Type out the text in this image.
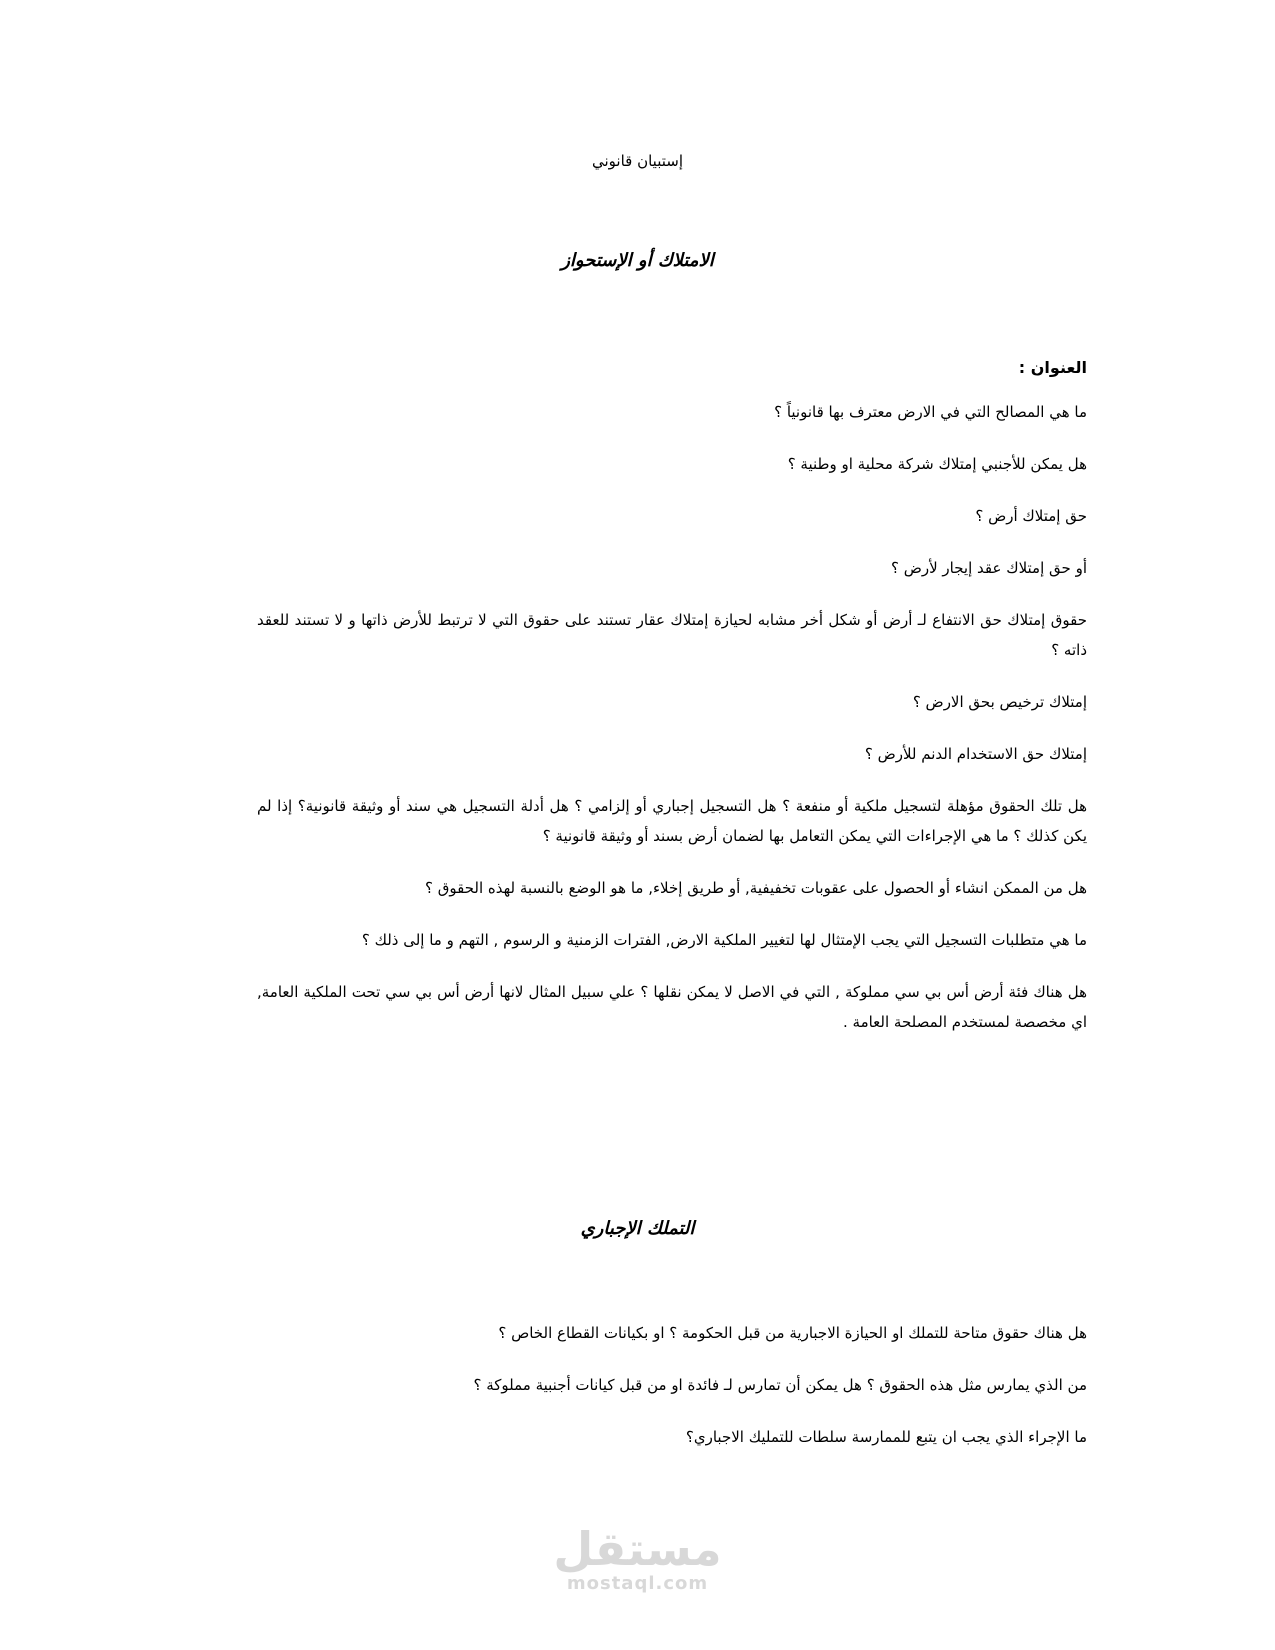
إستبيان قانوني
الامتلاك أو الإستحواز
العنوان :

ما هي المصالح التي في الارض معترف بها قانونياً ؟

هل يمكن للأجنبي إمتلاك شركة محلية او وطنية ؟

حق إمتلاك أرض ؟

أو حق إمتلاك عقد إيجار لأرض ؟

حقوق إمتلاك حق الانتفاع لـ أرض أو شكل أخر مشابه لحيازة إمتلاك عقار تستند على حقوق التي لا ترتبط للأرض ذاتها و لا تستند للعقد ذاته ؟

إمتلاك ترخيص بحق الارض ؟

إمتلاك حق الاستخدام الدنم للأرض ؟

هل تلك الحقوق مؤهلة لتسجيل ملكية أو منفعة ؟ هل التسجيل إجباري أو إلزامي ؟ هل أدلة التسجيل هي سند أو وثيقة قانونية؟ إذا لم يكن كذلك ؟ ما هي الإجراءات التي يمكن التعامل بها لضمان أرض بسند أو وثيقة قانونية ؟

هل من الممكن انشاء أو الحصول على عقوبات تخفيفية, أو طريق إخلاء, ما هو الوضع بالنسبة لهذه الحقوق ؟

ما هي متطلبات التسجيل التي يجب الإمتثال لها لتغيير الملكية الارض, الفترات الزمنية و الرسوم , التهم و ما إلى ذلك ؟

هل هناك فئة أرض أس بي سي مملوكة , التي في الاصل لا يمكن نقلها ؟ علي سبيل المثال لانها أرض أس بي سي تحت الملكية العامة, اي مخصصة لمستخدم المصلحة العامة .

التملك الإجباري

هل هناك حقوق متاحة للتملك او الحيازة الاجبارية من قبل الحكومة ؟ او بكيانات القطاع الخاص ؟

من الذي يمارس مثل هذه الحقوق ؟ هل يمكن أن تمارس لـ فائدة او من قبل كيانات أجنبية مملوكة ؟

ما الإجراء الذي يجب ان يتبع للممارسة سلطات للتمليك الاجباري؟

مستقل
mostaql.com
